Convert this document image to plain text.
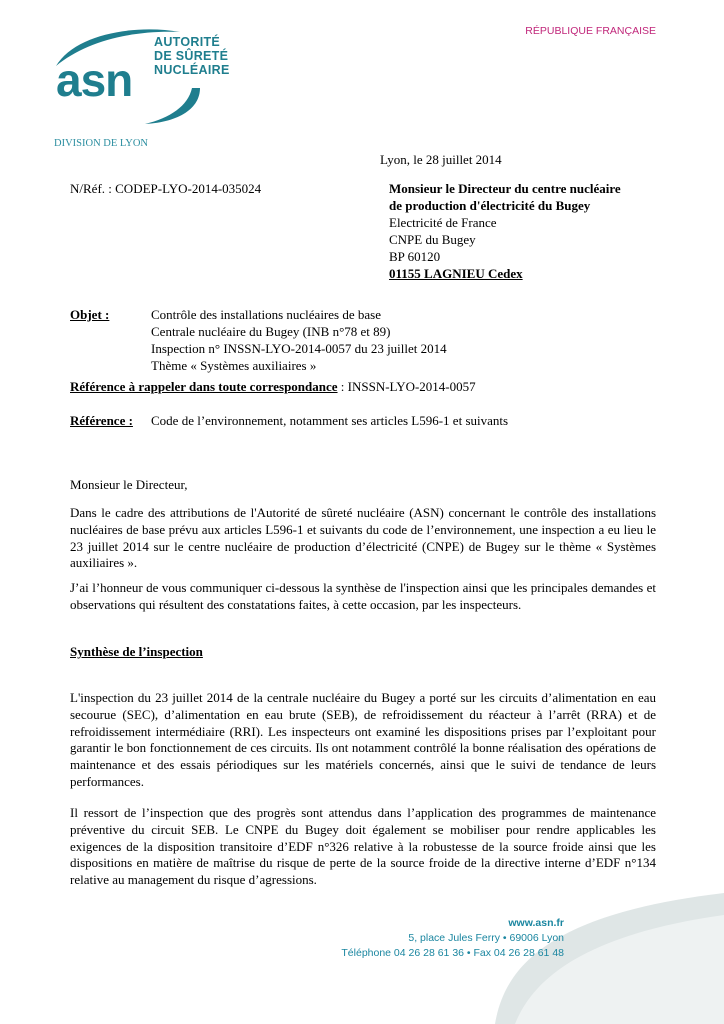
asn
AUTORITÉ
DE SÛRETÉ
NUCLÉAIRE
RÉPUBLIQUE FRANÇAISE
DIVISION DE LYON
Lyon, le 28 juillet 2014
N/Réf. : CODEP-LYO-2014-035024	Monsieur le Directeur du centre nucléaire
de production d'électricité du Bugey
Electricité de France
CNPE du Bugey
BP 60120
01155 LAGNIEU Cedex
Objet :	Contrôle des installations nucléaires de base
Centrale nucléaire du Bugey (INB n°78 et 89)
Inspection n° INSSN-LYO-2014-0057 du 23 juillet 2014
Thème « Systèmes auxiliaires »
Référence à rappeler dans toute correspondance : INSSN-LYO-2014-0057
Référence : Code de l’environnement, notamment ses articles L596-1 et suivants
Monsieur le Directeur,
Dans le cadre des attributions de l'Autorité de sûreté nucléaire (ASN) concernant le contrôle des installations nucléaires de base prévu aux articles L596-1 et suivants du code de l’environnement, une inspection a eu lieu le 23 juillet 2014 sur le centre nucléaire de production d’électricité (CNPE) de Bugey sur le thème « Systèmes auxiliaires ».
J’ai l’honneur de vous communiquer ci-dessous la synthèse de l'inspection ainsi que les principales demandes et observations qui résultent des constatations faites, à cette occasion, par les inspecteurs.
Synthèse de l’inspection
L'inspection du 23 juillet 2014 de la centrale nucléaire du Bugey a porté sur les circuits d’alimentation en eau secourue (SEC), d’alimentation en eau brute (SEB), de refroidissement du réacteur à l’arrêt (RRA) et de refroidissement intermédiaire (RRI). Les inspecteurs ont examiné les dispositions prises par l’exploitant pour garantir le bon fonctionnement de ces circuits. Ils ont notamment contrôlé la bonne réalisation des opérations de maintenance et des essais périodiques sur les matériels concernés, ainsi que le suivi de tendance de leurs performances.
Il ressort de l’inspection que des progrès sont attendus dans l’application des programmes de maintenance préventive du circuit SEB. Le CNPE du Bugey doit également se mobiliser pour rendre applicables les exigences de la disposition transitoire d’EDF n°326 relative à la robustesse de la source froide ainsi que les dispositions en matière de maîtrise du risque de perte de la source froide de la directive interne d’EDF n°134 relative au management du risque d’agressions.
www.asn.fr
5, place Jules Ferry • 69006 Lyon
Téléphone 04 26 28 61 36 • Fax 04 26 28 61 48
